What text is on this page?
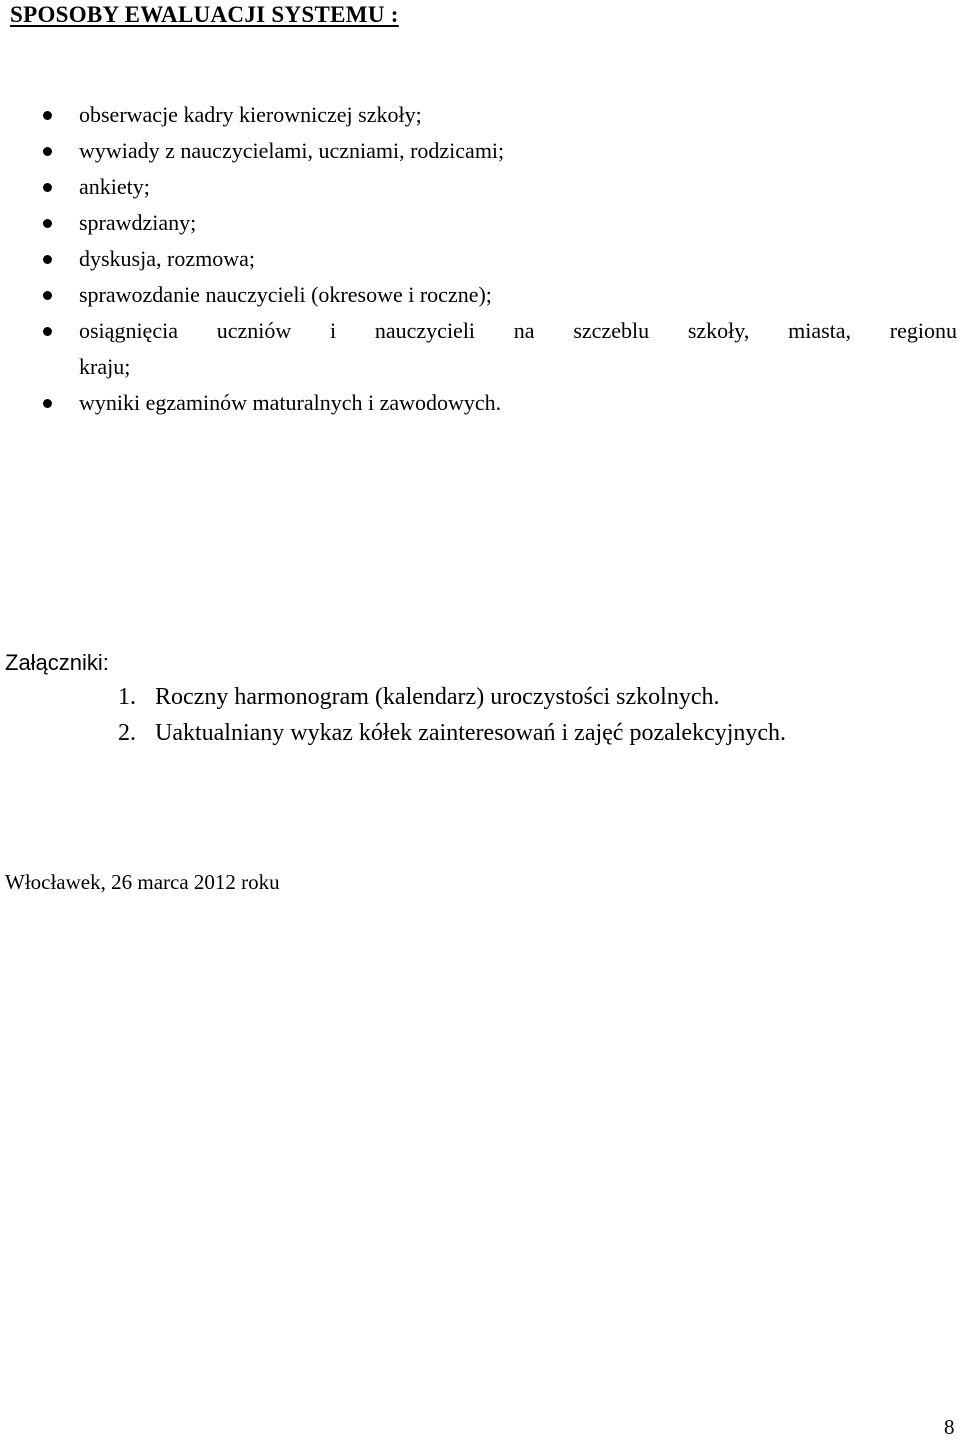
SPOSOBY EWALUACJI SYSTEMU :
obserwacje kadry kierowniczej szkoły;
wywiady z nauczycielami, uczniami, rodzicami;
ankiety;
sprawdziany;
dyskusja, rozmowa;
sprawozdanie nauczycieli (okresowe i roczne);
osiągnięcia uczniów i nauczycieli na szczeblu szkoły, miasta, regionu
kraju;
wyniki egzaminów maturalnych i zawodowych.

Załączniki:

1. Roczny harmonogram (kalendarz) uroczystości szkolnych.
2. Uaktualniany wykaz kółek zainteresowań i zajęć pozalekcyjnych.

Włocławek, 26 marca 2012 roku

8
